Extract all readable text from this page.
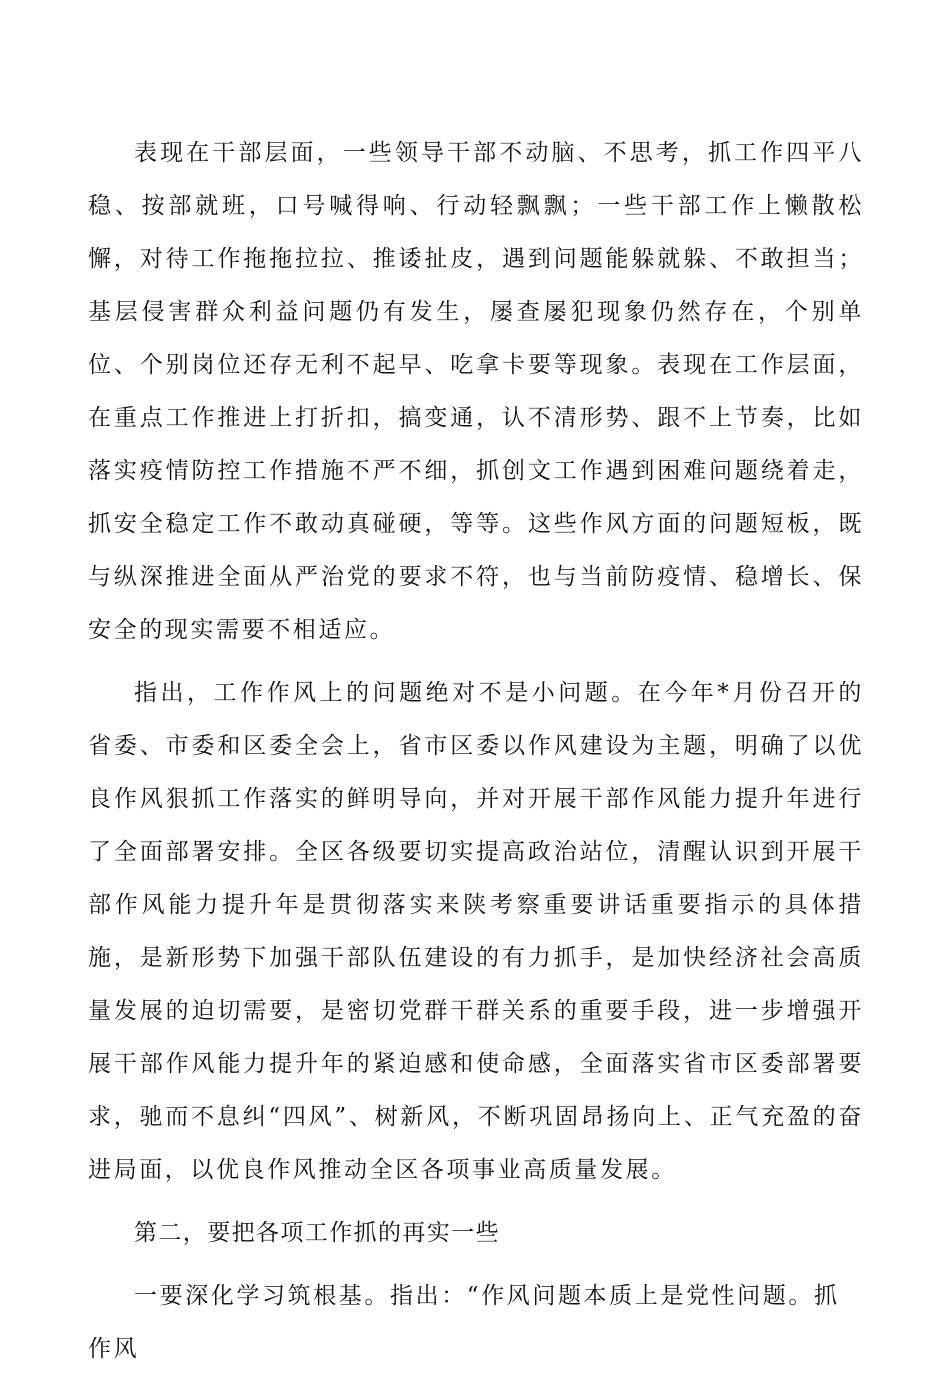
表现在干部层面，一些领导干部不动脑、不思考，抓工作四平八稳、按部就班，口号喊得响、行动轻飘飘；一些干部工作上懒散松懈，对待工作拖拖拉拉、推诿扯皮，遇到问题能躲就躲、不敢担当；基层侵害群众利益问题仍有发生，屡查屡犯现象仍然存在，个别单位、个别岗位还存无利不起早、吃拿卡要等现象。表现在工作层面，在重点工作推进上打折扣，搞变通，认不清形势、跟不上节奏，比如落实疫情防控工作措施不严不细，抓创文工作遇到困难问题绕着走，抓安全稳定工作不敢动真碰硬，等等。这些作风方面的问题短板，既与纵深推进全面从严治党的要求不符，也与当前防疫情、稳增长、保安全的现实需要不相适应。

指出，工作作风上的问题绝对不是小问题。在今年*月份召开的省委、市委和区委全会上，省市区委以作风建设为主题，明确了以优良作风狠抓工作落实的鲜明导向，并对开展干部作风能力提升年进行了全面部署安排。全区各级要切实提高政治站位，清醒认识到开展干部作风能力提升年是贯彻落实来陕考察重要讲话重要指示的具体措施，是新形势下加强干部队伍建设的有力抓手，是加快经济社会高质量发展的迫切需要，是密切党群干群关系的重要手段，进一步增强开展干部作风能力提升年的紧迫感和使命感，全面落实省市区委部署要求，驰而不息纠“四风”、树新风，不断巩固昂扬向上、正气充盈的奋进局面，以优良作风推动全区各项事业高质量发展。

第二，要把各项工作抓的再实一些

一要深化学习筑根基。指出：“作风问题本质上是党性问题。抓作风
